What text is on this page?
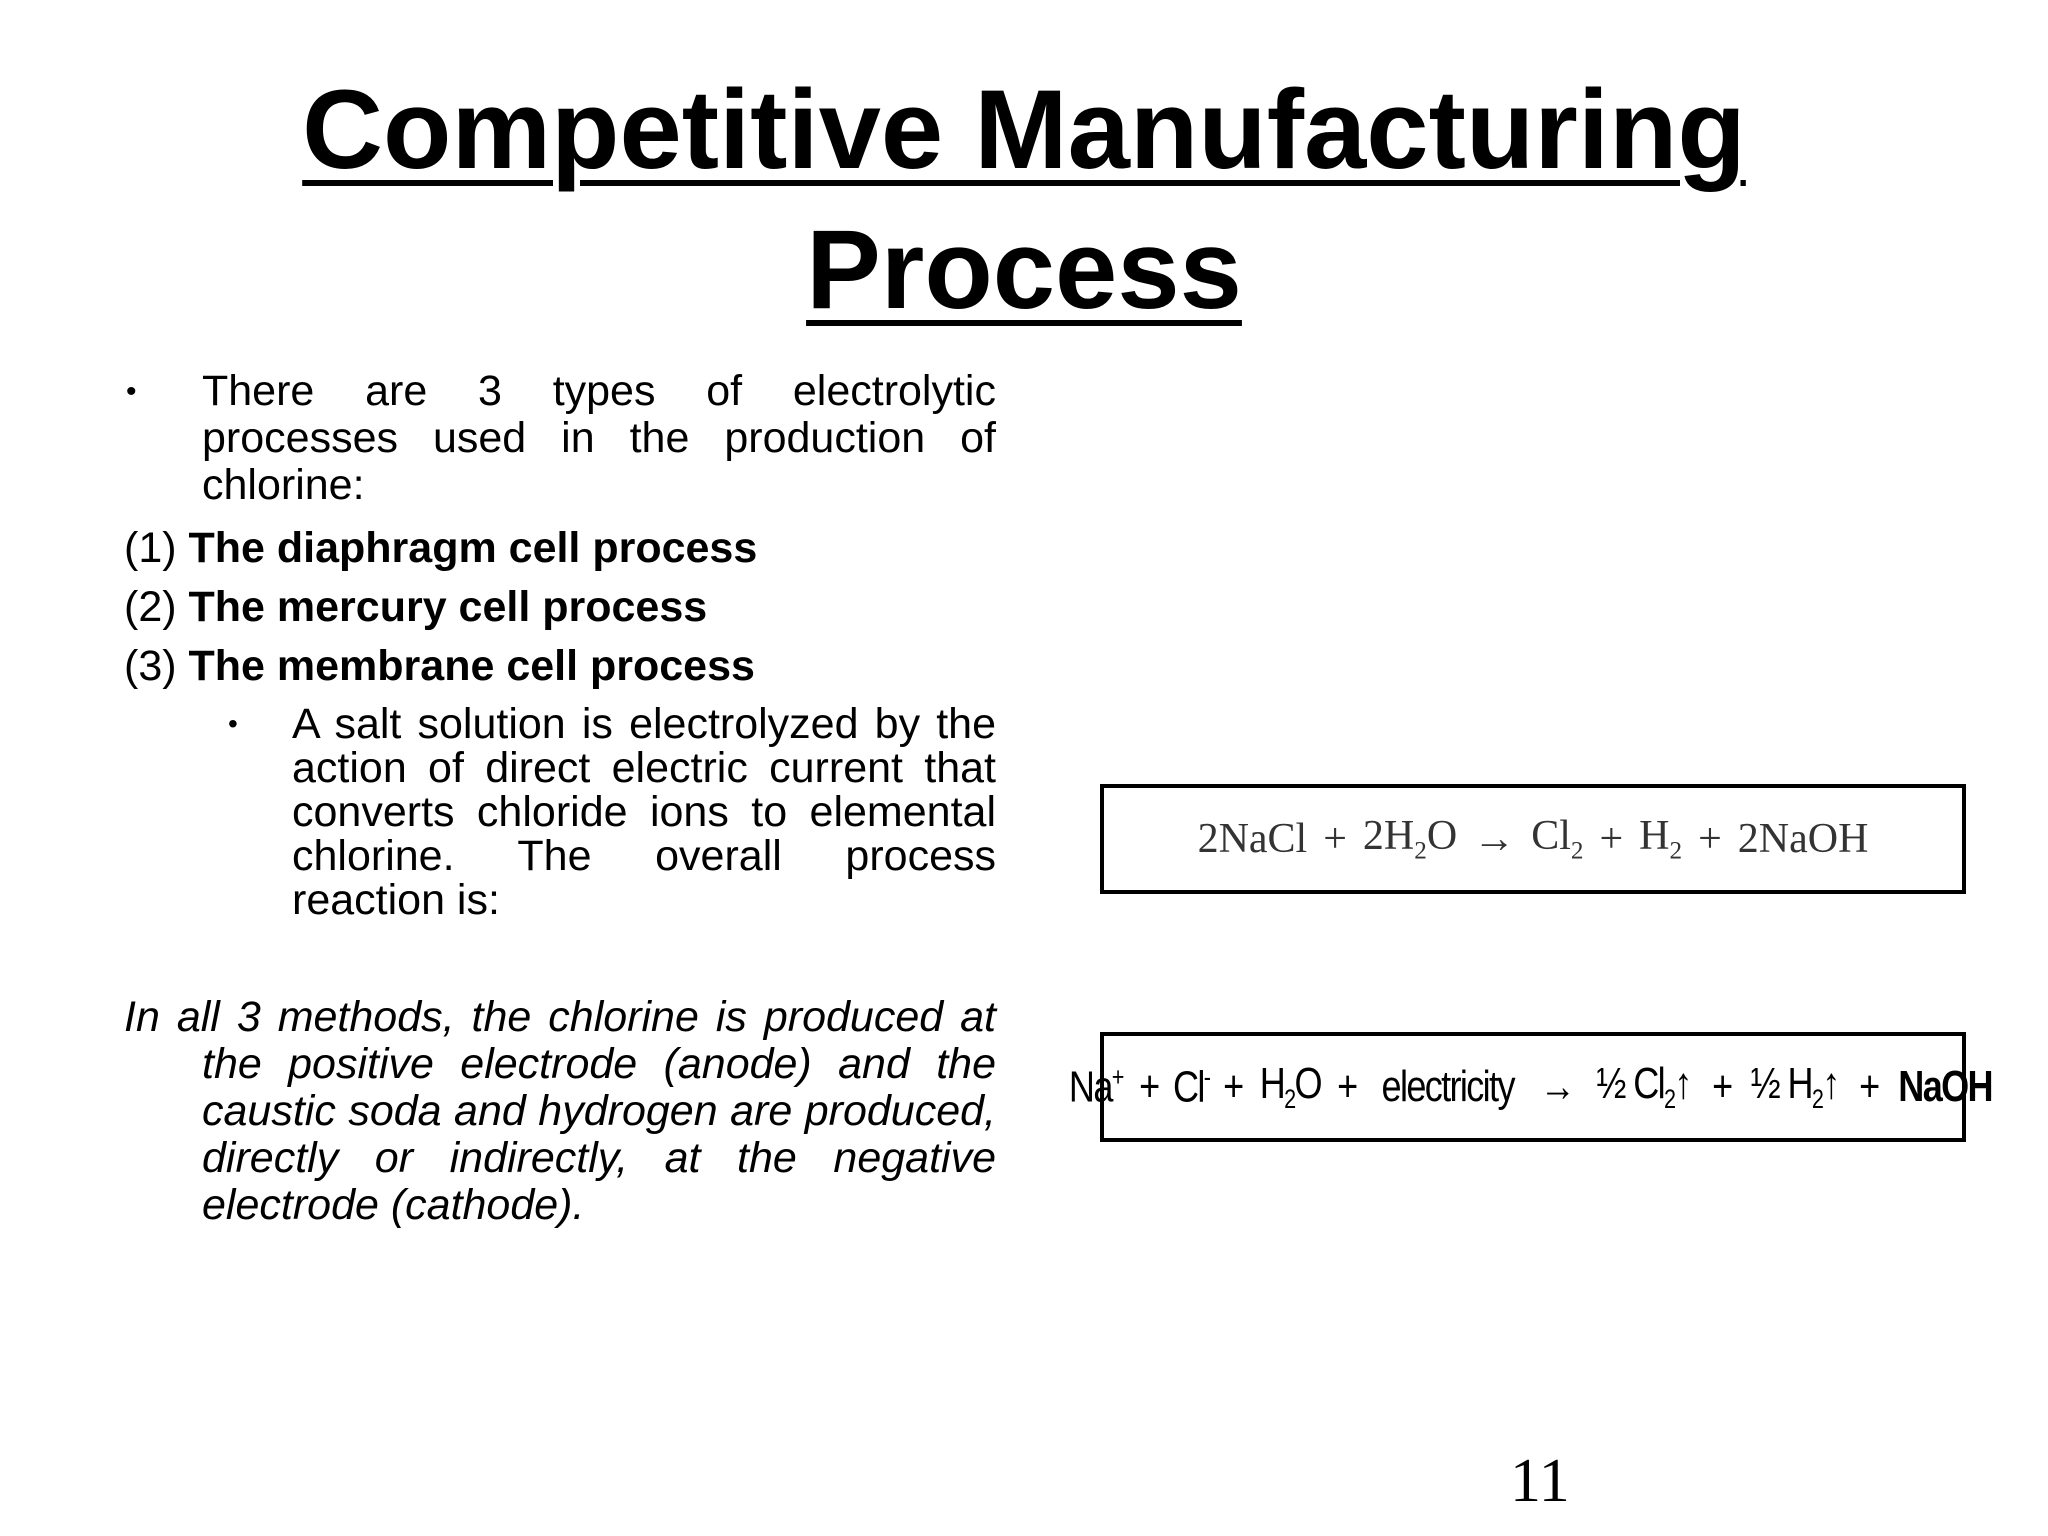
Competitive Manufacturing
Process
• There are 3 types of electrolytic processes used in the production of chlorine:
(1) The diaphragm cell process
(2) The mercury cell process
(3) The membrane cell process
• A salt solution is electrolyzed by the action of direct electric current that converts chloride ions to elemental chlorine. The overall process reaction is:
In all 3 methods, the chlorine is produced at the positive electrode (anode) and the caustic soda and hydrogen are produced, directly or indirectly, at the negative electrode (cathode).
2NaCl + $2H_2O \to Cl_2 + H_2$ + 2NaOH
$Na^+ + Cl^- + H_2O$ + electricity → ½ $Cl_2↑$ + ½ $H_2↑$ + NaOH
11
